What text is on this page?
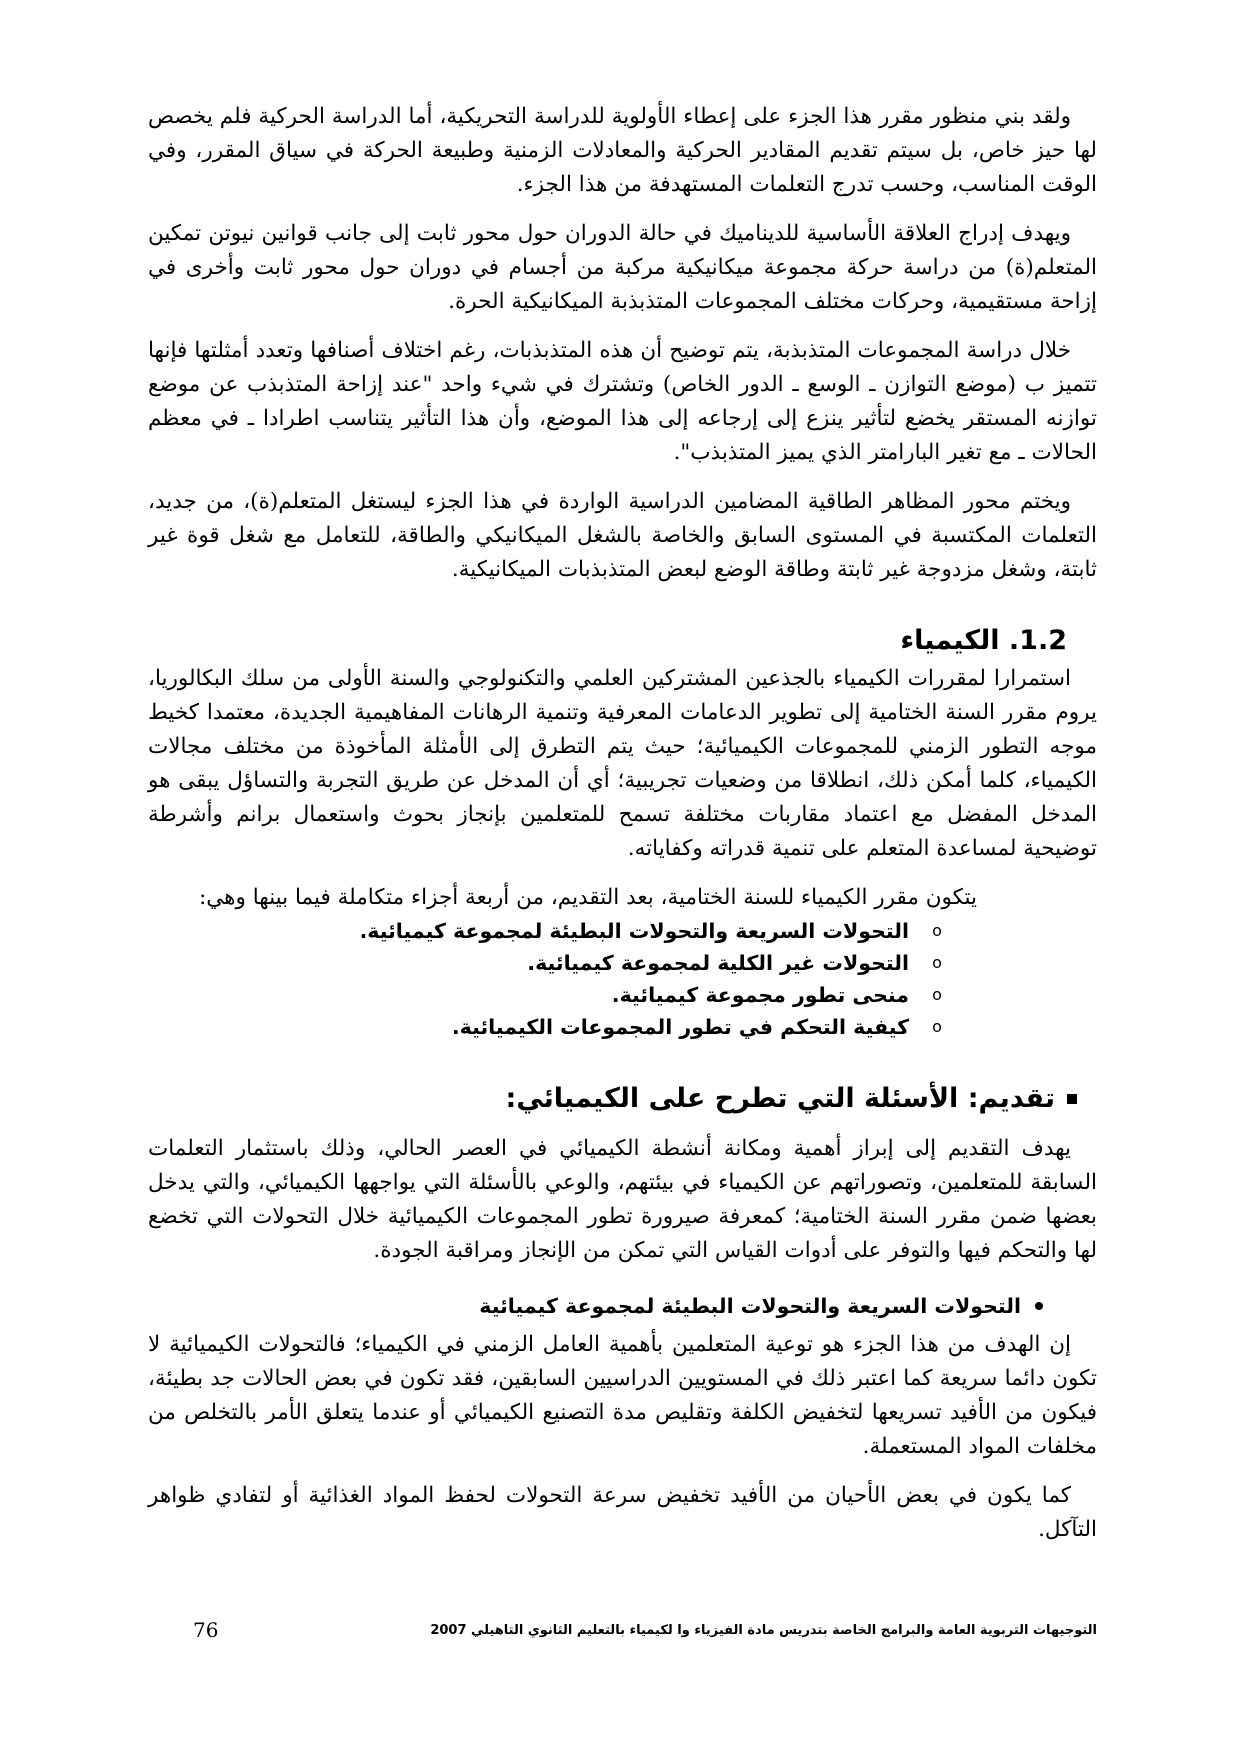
ولقد بني منظور مقرر هذا الجزء على إعطاء الأولوية للدراسة التحريكية، أما الدراسة الحركية فلم يخصص لها حيز خاص، بل سيتم تقديم المقادير الحركية والمعادلات الزمنية وطبيعة الحركة في سياق المقرر، وفي الوقت المناسب، وحسب تدرج التعلمات المستهدفة من هذا الجزء.

ويهدف إدراج العلاقة الأساسية للديناميك في حالة الدوران حول محور ثابت إلى جانب قوانين نيوتن تمكين المتعلم(ة) من دراسة حركة مجموعة ميكانيكية مركبة من أجسام في دوران حول محور ثابت وأخرى في إزاحة مستقيمية، وحركات مختلف المجموعات المتذبذبة الميكانيكية الحرة.

خلال دراسة المجموعات المتذبذبة، يتم توضيح أن هذه المتذبذبات، رغم اختلاف أصنافها وتعدد أمثلتها فإنها تتميز ب (موضع التوازن ـ الوسع ـ الدور الخاص) وتشترك في شيء واحد "عند إزاحة المتذبذب عن موضع توازنه المستقر يخضع لتأثير ينزع إلى إرجاعه إلى هذا الموضع، وأن هذا التأثير يتناسب اطرادا ـ في معظم الحالات ـ مع تغير البارامتر الذي يميز المتذبذب".

ويختم محور المظاهر الطاقية المضامين الدراسية الواردة في هذا الجزء ليستغل المتعلم(ة)، من جديد، التعلمات المكتسبة في المستوى السابق والخاصة بالشغل الميكانيكي والطاقة، للتعامل مع شغل قوة غير ثابتة، وشغل مزدوجة غير ثابتة وطاقة الوضع لبعض المتذبذبات الميكانيكية.

1.2. الكيمياء

استمرارا لمقررات الكيمياء بالجذعين المشتركين العلمي والتكنولوجي والسنة الأولى من سلك البكالوريا، يروم مقرر السنة الختامية إلى تطوير الدعامات المعرفية وتنمية الرهانات المفاهيمية الجديدة، معتمدا كخيط موجه التطور الزمني للمجموعات الكيميائية؛ حيث يتم التطرق إلى الأمثلة المأخوذة من مختلف مجالات الكيمياء، كلما أمكن ذلك، انطلاقا من وضعيات تجريبية؛ أي أن المدخل عن طريق التجربة والتساؤل يبقى هو المدخل المفضل مع اعتماد مقاربات مختلفة تسمح للمتعلمين بإنجاز بحوث واستعمال برانم وأشرطة توضيحية لمساعدة المتعلم على تنمية قدراته وكفاياته.

يتكون مقرر الكيمياء للسنة الختامية، بعد التقديم، من أربعة أجزاء متكاملة فيما بينها وهي:
o
التحولات السريعة والتحولات البطيئة لمجموعة كيميائية.
o
التحولات غير الكلية لمجموعة كيميائية.
o
منحى تطور مجموعة كيميائية.
o
كيفية التحكم في تطور المجموعات الكيميائية.
تقديم: الأسئلة التي تطرح على الكيميائي:

يهدف التقديم إلى إبراز أهمية ومكانة أنشطة الكيميائي في العصر الحالي، وذلك باستثمار التعلمات السابقة للمتعلمين، وتصوراتهم عن الكيمياء في بيئتهم، والوعي بالأسئلة التي يواجهها الكيميائي، والتي يدخل بعضها ضمن مقرر السنة الختامية؛ كمعرفة صيرورة تطور المجموعات الكيميائية خلال التحولات التي تخضع لها والتحكم فيها والتوفر على أدوات القياس التي تمكن من الإنجاز ومراقبة الجودة.

التحولات السريعة والتحولات البطيئة لمجموعة كيميائية

إن الهدف من هذا الجزء هو توعية المتعلمين بأهمية العامل الزمني في الكيمياء؛ فالتحولات الكيميائية لا تكون دائما سريعة كما اعتبر ذلك في المستويين الدراسيين السابقين، فقد تكون في بعض الحالات جد بطيئة، فيكون من الأفيد تسريعها لتخفيض الكلفة وتقليص مدة التصنيع الكيميائي أو عندما يتعلق الأمر بالتخلص من مخلفات المواد المستعملة.

كما يكون في بعض الأحيان من الأفيد تخفيض سرعة التحولات لحفظ المواد الغذائية أو لتفادي ظواهر التآكل.

التوجيهات التربوية العامة والبرامج الخاصة بتدريس مادة الفيزياء وا لكيمياء بالتعليم الثانوي التاهيلي 2007
76
